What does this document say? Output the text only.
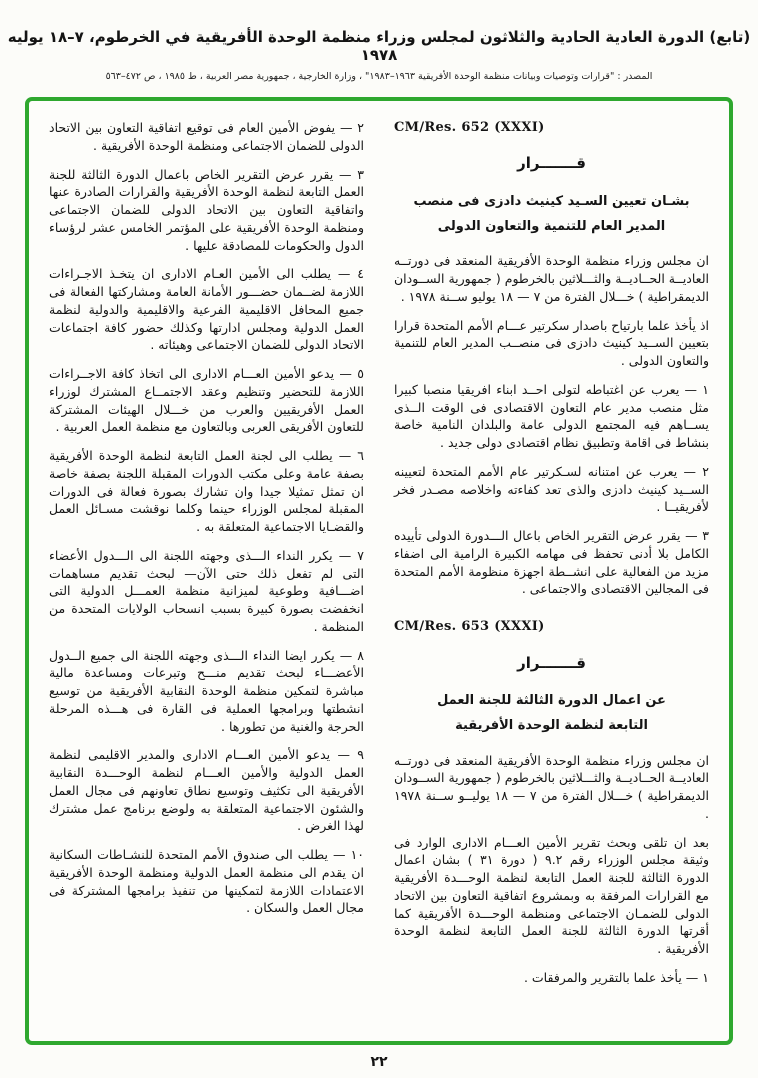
(تابع) الدورة العادية الحادية والثلاثون لمجلس وزراء منظمة الوحدة الأفريقية في الخرطوم، ٧–١٨ يوليه ١٩٧٨
المصدر : "قرارات وتوصيات وبيانات منظمة الوحدة الأفريقية ١٩٦٣–١٩٨٣" ، وزارة الخارجية ، جمهورية مصر العربية ، ط ١٩٨٥ ، ص ٤٧٢–٥٦٣
CM/Res. 652 (XXXI)
قـــــــرار
بشـان تعيين السـيد كينيث دادزى فى منصب
المدير العام للتنمية والتعاون الدولى

ان مجلس وزراء منظمة الوحدة الأفريقية المنعقد فى دورتــه العاديــة الحــاديــة والثـــلاثين بالخرطوم ( جمهورية الســودان الديمقراطية ) خـــلال الفترة من ٧ — ١٨ يوليو ســنة ١٩٧٨ .

اذ يأخذ علما بارتياح باصدار سكرتير عـــام الأمم المتحدة قرارا بتعيين الســيد كينيث دادزى فى منصــب المدير العام للتنمية والتعاون الدولى .

١ — يعرب عن اغتباطه لتولى احــد ابناء افريقيا منصبا كبيرا مثل منصب مدير عام التعاون الاقتصادى فى الوقت الــذى يســاهم فيه المجتمع الدولى عامة والبلدان النامية خاصة بنشاط فى اقامة وتطبيق نظام اقتصادى دولى جديد .

٢ — يعرب عن امتنانه لسـكرتير عام الأمم المتحدة لتعيينه الســيد كينيث دادزى والذى تعد كفاءته واخلاصه مصـدر فخر لأفريقيــا .

٣ — يقرر عرض التقرير الخاص باعال الـــدورة الدولى تأييده الكامل بلا أدنى تحفظ فى مهامه الكبيرة الرامية الى اضفاء مزيد من الفعالية على انشــطة اجهزة منظومة الأمم المتحدة فى المجالين الاقتصادى والاجتماعى .

CM/Res. 653 (XXXI)
قـــــــرار
عن اعمال الدورة الثالثة للجنة العمل
التابعة لنظمة الوحدة الأفريقية

ان مجلس وزراء منظمة الوحدة الأفريقية المنعقد فى دورتــه العاديــة الحــاديــة والثـــلاثين بالخرطوم ( جمهورية الســودان الديمقراطية ) خـــلال الفترة من ٧ — ١٨ يوليــو ســنة ١٩٧٨ .

بعد ان تلقى وبحث تقرير الأمين العـــام الادارى الوارد فى وثيقة مجلس الوزراء رقم ٩.٢ ( دورة ٣١ ) بشان اعمال الدورة الثالثة للجنة العمل التابعة لنظمة الوحـــدة الأفريقية مع القرارات المرفقة به وبمشروع اتفاقية التعاون بين الاتحاد الدولى للضمـان الاجتماعى ومنظمة الوحـــدة الأفريقية كما أقرتها الدورة الثالثة للجنة العمل التابعة لنظمة الوحدة الأفريقية .

١ — يأخذ علما بالتقرير والمرفقات .

٢ — يفوض الأمين العام فى توقيع اتفاقية التعاون بين الاتحاد الدولى للضمان الاجتماعى ومنظمة الوحدة الأفريقية .

٣ — يقرر عرض التقرير الخاص باعمال الدورة الثالثة للجنة العمل التابعة لنظمة الوحدة الأفريقية والقرارات الصادرة عنها واتفاقية التعاون بين الاتحاد الدولى للضمان الاجتماعى ومنظمة الوحدة الأفريقية على المؤتمر الخامس عشر لرؤساء الدول والحكومات للمصادقة عليها .

٤ — يطلب الى الأمين العـام الادارى ان يتخـذ الاجـراءات اللازمة لضــمان حضـــور الأمانة العامة ومشاركتها الفعالة فى جميع المحافل الاقليمية الفرعية والاقليمية والدولية لنظمة العمل الدولية ومجلس ادارتها وكذلك حضور كافة اجتماعات الاتحاد الدولى للضمان الاجتماعى وهيئاته .

٥ — يدعو الأمين العـــام الادارى الى اتخاذ كافة الاجــراءات اللازمة للتحضير وتنظيم وعقد الاجتمــاع المشترك لوزراء العمل الأفريقيين والعرب من خـــلال الهيئات المشتركة للتعاون الأفريقى العربى وبالتعاون مع منظمة العمل العربية .

٦ — يطلب الى لجنة العمل التابعة لنظمة الوحدة الأفريقية بصفة عامة وعلى مكتب الدورات المقبلة اللجنة بصفة خاصة ان تمثل تمثيلا جيدا وان تشارك بصورة فعالة فى الدورات المقبلة لمجلس الوزراء حينما وكلما نوقشت مسـائل العمل والقضـايا الاجتماعية المتعلقة به .

٧ — يكرر النداء الـــذى وجهته اللجنة الى الـــدول الأعضاء التى لم تفعل ذلك حتى الآن— لبحث تقديم مساهمات اضـــافية وطوعية لميزانية منظمة العمـــل الدولية التى انخفضت بصورة كبيرة بسبب انسحاب الولايات المتحدة من المنظمة .

٨ — يكرر ايضا النداء الـــذى وجهته اللجنة الى جميع الــدول الأعضـــاء لبحث تقديم منـــح وتبرعات ومساعدة مالية مباشرة لتمكين منظمة الوحدة النقابية الأفريقية من توسيع انشطتها وبرامجها العملية فى القارة فى هـــذه المرحلة الحرجة والغنية من تطورها .

٩ — يدعو الأمين العـــام الادارى والمدير الاقليمى لنظمة العمل الدولية والأمين العـــام لنظمة الوحـــدة النقابية الأفريقية الى تكثيف وتوسيع نطاق تعاونهم فى مجال العمل والشئون الاجتماعية المتعلقة به ولوضع برنامج عمل مشترك لهذا الغرض .

١٠ — يطلب الى صندوق الأمم المتحدة للنشـاطات السكانية ان يقدم الى منظمة العمل الدولية ومنظمة الوحدة الأفريقية الاعتمادات اللازمة لتمكينها من تنفيذ برامجها المشتركة فى مجال العمل والسكان .

٢٢
